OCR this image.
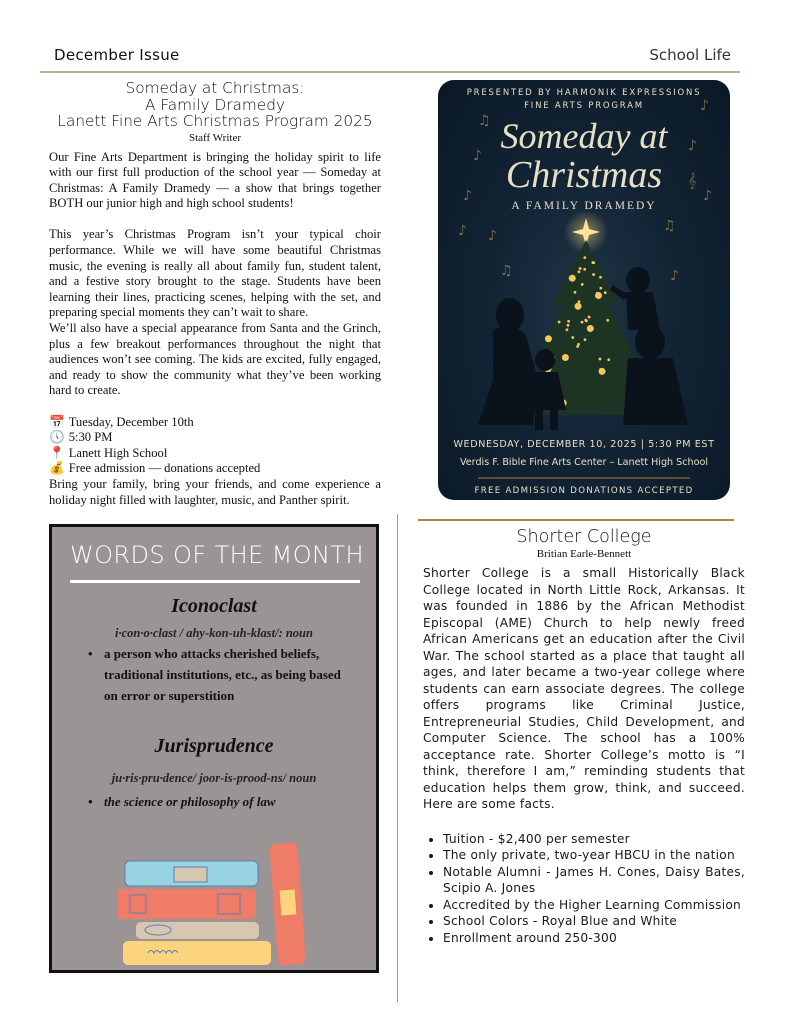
December Issue	School Life
Someday at Christmas:
A Family Dramedy
Lanett Fine Arts Christmas Program 2025
Staff Writer

Our Fine Arts Department is bringing the holiday spirit to life with our first full production of the school year — Someday at Christmas: A Family Dramedy — a show that brings together BOTH our junior high and high school students!

This year’s Christmas Program isn’t your typical choir performance. While we will have some beautiful Christmas music, the evening is really all about family fun, student talent, and a festive story brought to the stage. Students have been learning their lines, practicing scenes, helping with the set, and preparing special moments they can’t wait to share.

We’ll also have a special appearance from Santa and the Grinch, plus a few breakout performances throughout the night that audiences won’t see coming. The kids are excited, fully engaged, and ready to show the community what they’ve been working hard to create.

📅 Tuesday, December 10th
🕔 5:30 PM
📍 Lanett High School
💰 Free admission — donations accepted

Bring your family, bring your friends, and come experience a holiday night filled with laughter, music, and Panther spirit.

♫
♪
♪
♪
𝄞
♪	♪
♪
♫
♫	♪
♪
PRESENTED BY HARMONIK EXPRESSIONS
FINE ARTS PROGRAM
Someday at
Christmas
A FAMILY DRAMEDY
WEDNESDAY, DECEMBER 10, 2025 | 5:30 PM EST
Verdis F. Bible Fine Arts Center – Lanett High School
FREE ADMISSION DONATIONS ACCEPTED
WORDS OF THE MONTH
Iconoclast
i·con·o·clast / ahy-kon-uh-klast/: noun
• a person who attacks cherished beliefs, traditional institutions, etc., as being based on error or superstition
Jurisprudence
ju·ris·pru·dence/ joor-is-prood-ns/ noun
• the science or philosophy of law
Shorter College
Britian Earle-Bennett
Shorter College is a small Historically Black College located in North Little Rock, Arkansas. It was founded in 1886 by the African Methodist Episcopal (AME) Church to help newly freed African Americans get an education after the Civil War. The school started as a place that taught all ages, and later became a two-year college where students can earn associate degrees. The college offers programs like Criminal Justice, Entrepreneurial Studies, Child Development, and Computer Science. The school has a 100% acceptance rate. Shorter College’s motto is “I think, therefore I am,” reminding students that education helps them grow, think, and succeed. Here are some facts.
• Tuition - $2,400 per semester
• The only private, two-year HBCU in the nation
• Notable Alumni - James H. Cones, Daisy Bates, Scipio A. Jones
• Accredited by the Higher Learning Commission
• School Colors - Royal Blue and White
• Enrollment around 250-300
